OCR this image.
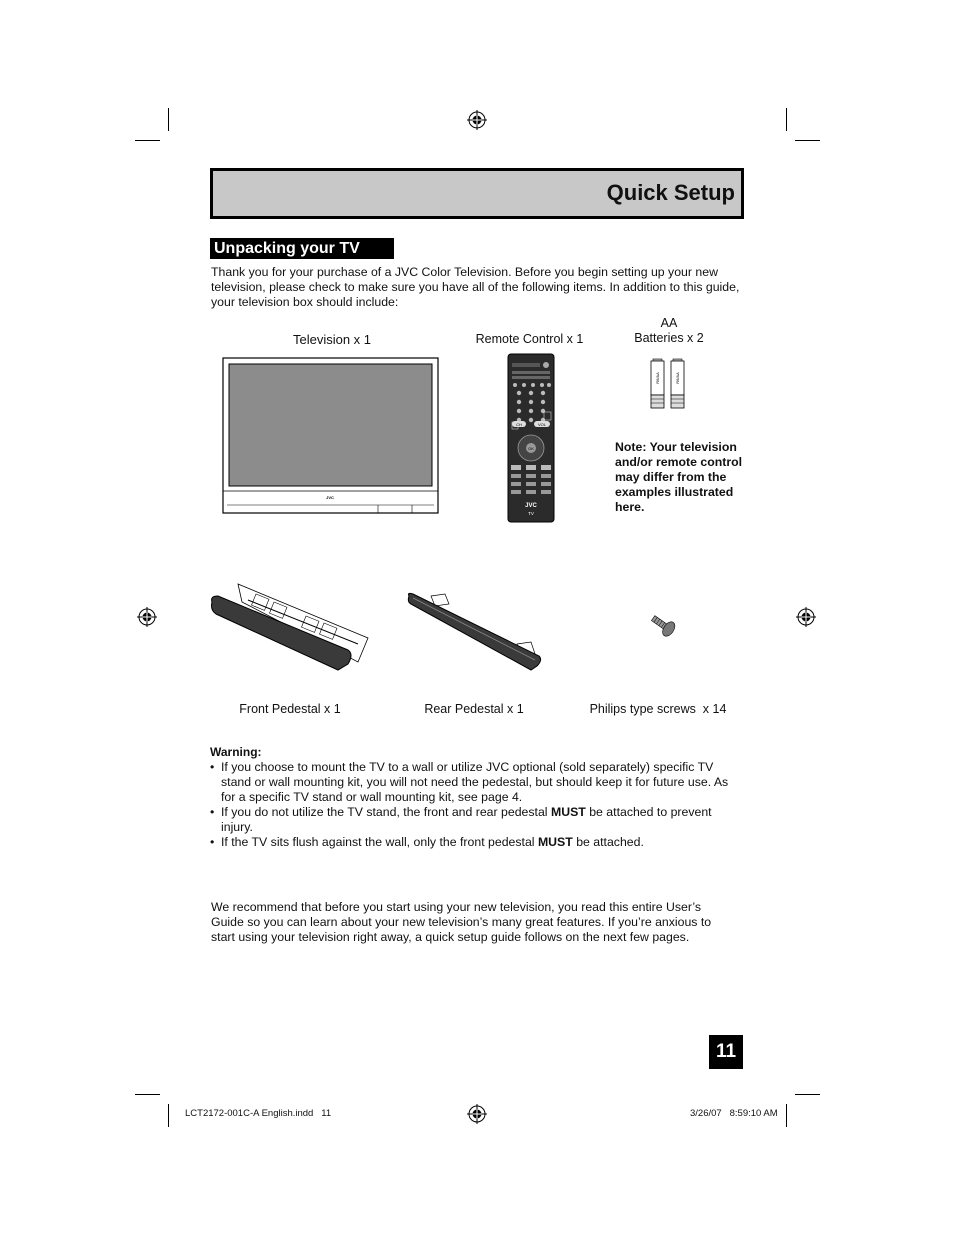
Quick Setup
Unpacking your TV
Thank you for your purchase of a JVC Color Television. Before you begin setting up your new television, please check to make sure you have all of the following items. In addition to this guide, your television box should include:
Television x 1	Remote Control x 1
AA
Batteries x 2
JVC
CH	VOL
OK
JVC
TV
R6/AA	R6/AA
Note: Your television and/or remote control may differ from the examples illustrated here.
Front Pedestal x 1	Rear Pedestal x 1	Philips type screws  x 14
Warning:
• If you choose to mount the TV to a wall or utilize JVC optional (sold separately) specific TV stand or wall mounting kit, you will not need the pedestal, but should keep it for future use. As for a specific TV stand or wall mounting kit, see page 4.
• If you do not utilize the TV stand, the front and rear pedestal MUST be attached to prevent injury.
• If the TV sits flush against the wall, only the front pedestal MUST be attached.
We recommend that before you start using your new television, you read this entire User’s Guide so you can learn about your new television’s many great features. If you’re anxious to start using your television right away, a quick setup guide follows on the next few pages.
11
LCT2172-001C-A English.indd   11	3/26/07   8:59:10 AM
